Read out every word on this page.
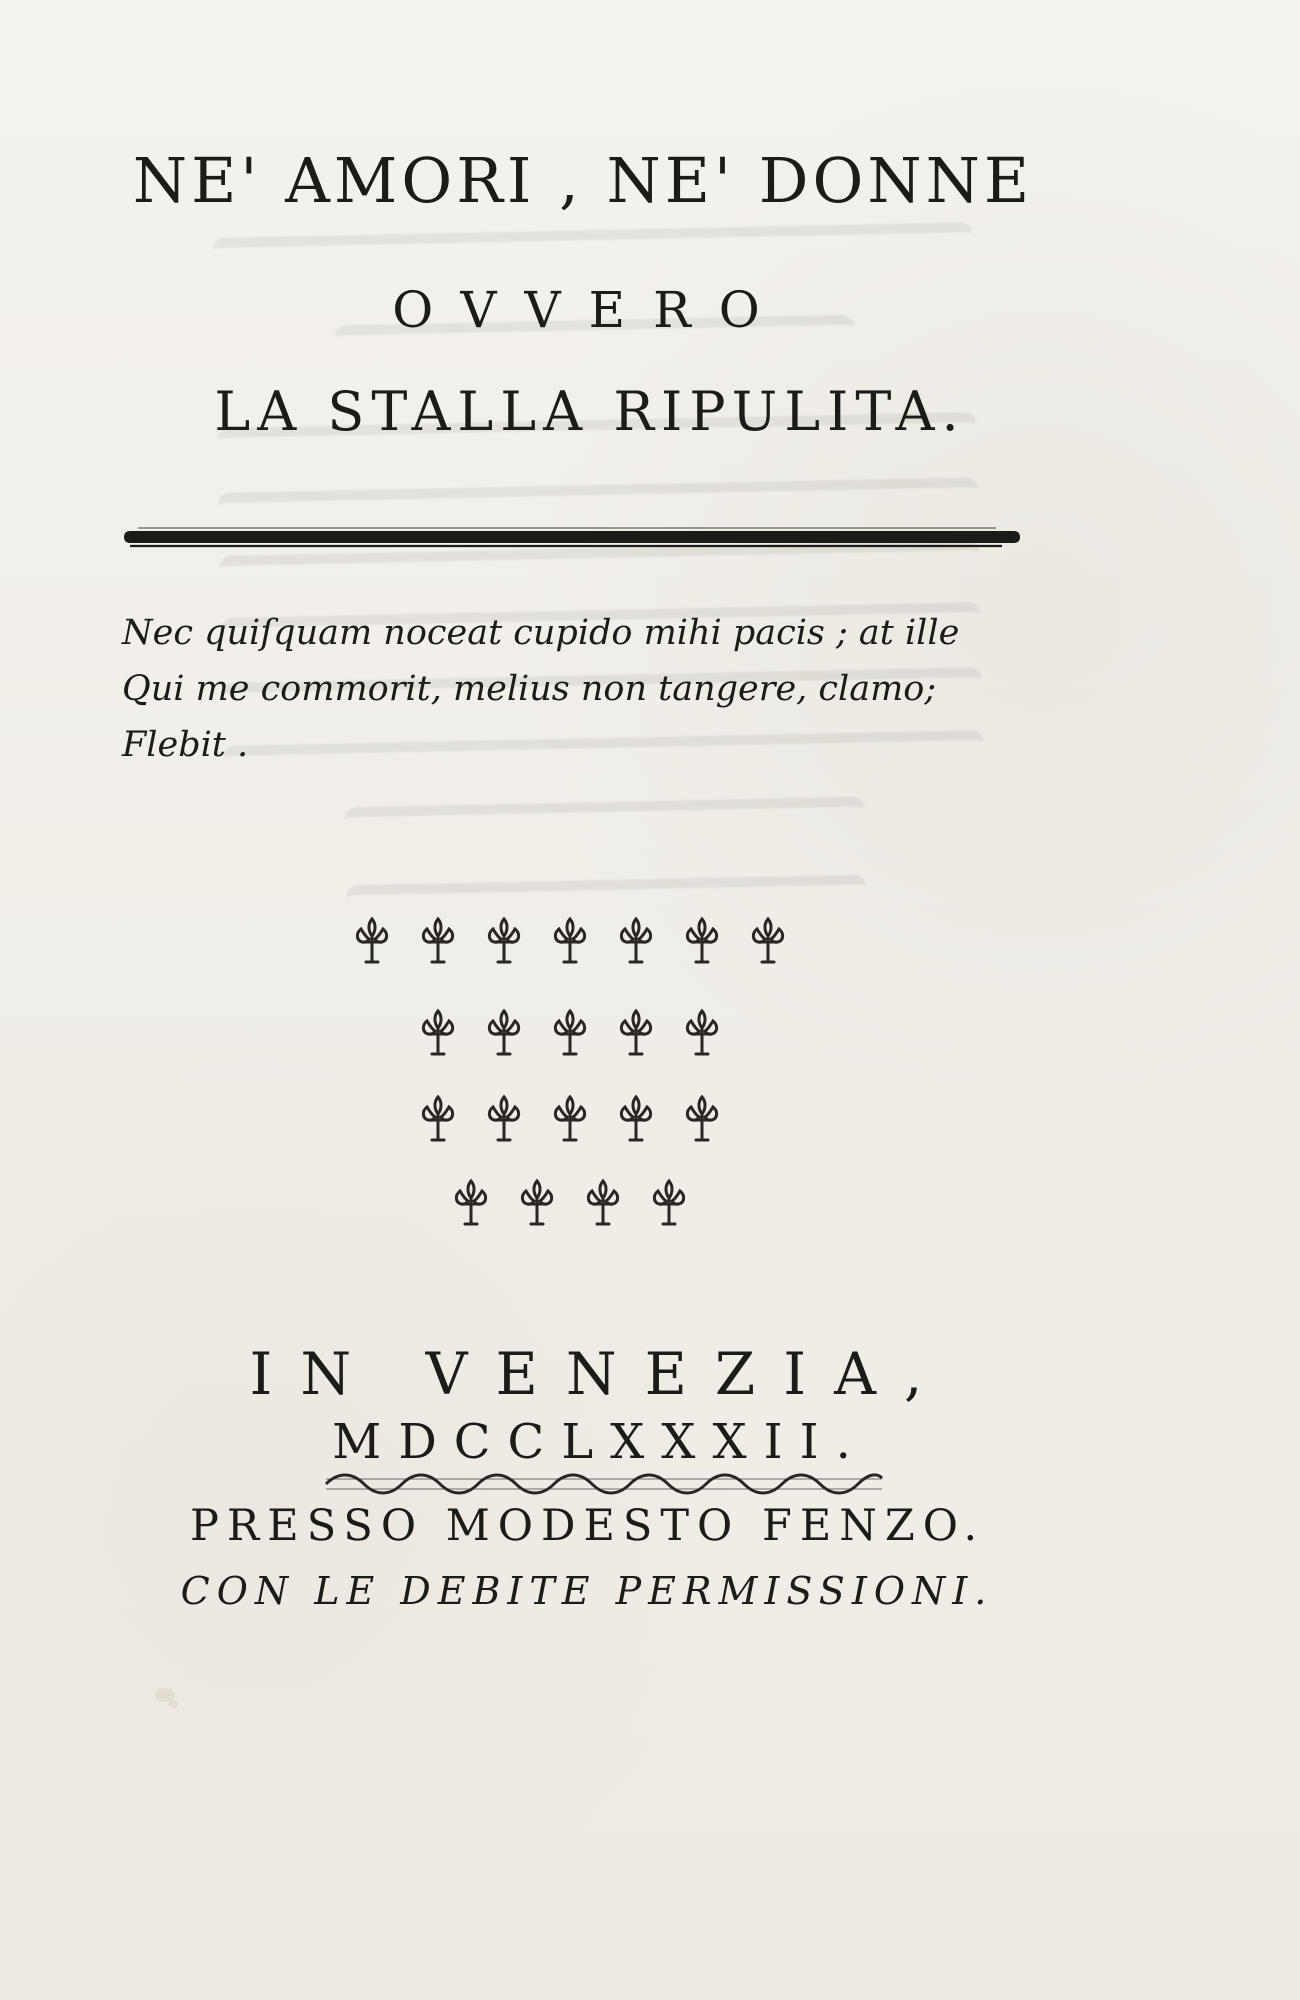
NE' AMORI , NE' DONNE
OVVERO
LA STALLA RIPULITA.
Nec quiſquam noceat cupido mihi pacis ; at ille
Qui me commorit, melius non tangere, clamo;
Flebit .
IN VENEZIA,
MDCCLXXXII.
PRESSO MODESTO FENZO.
CON LE DEBITE PERMISSIONI.
